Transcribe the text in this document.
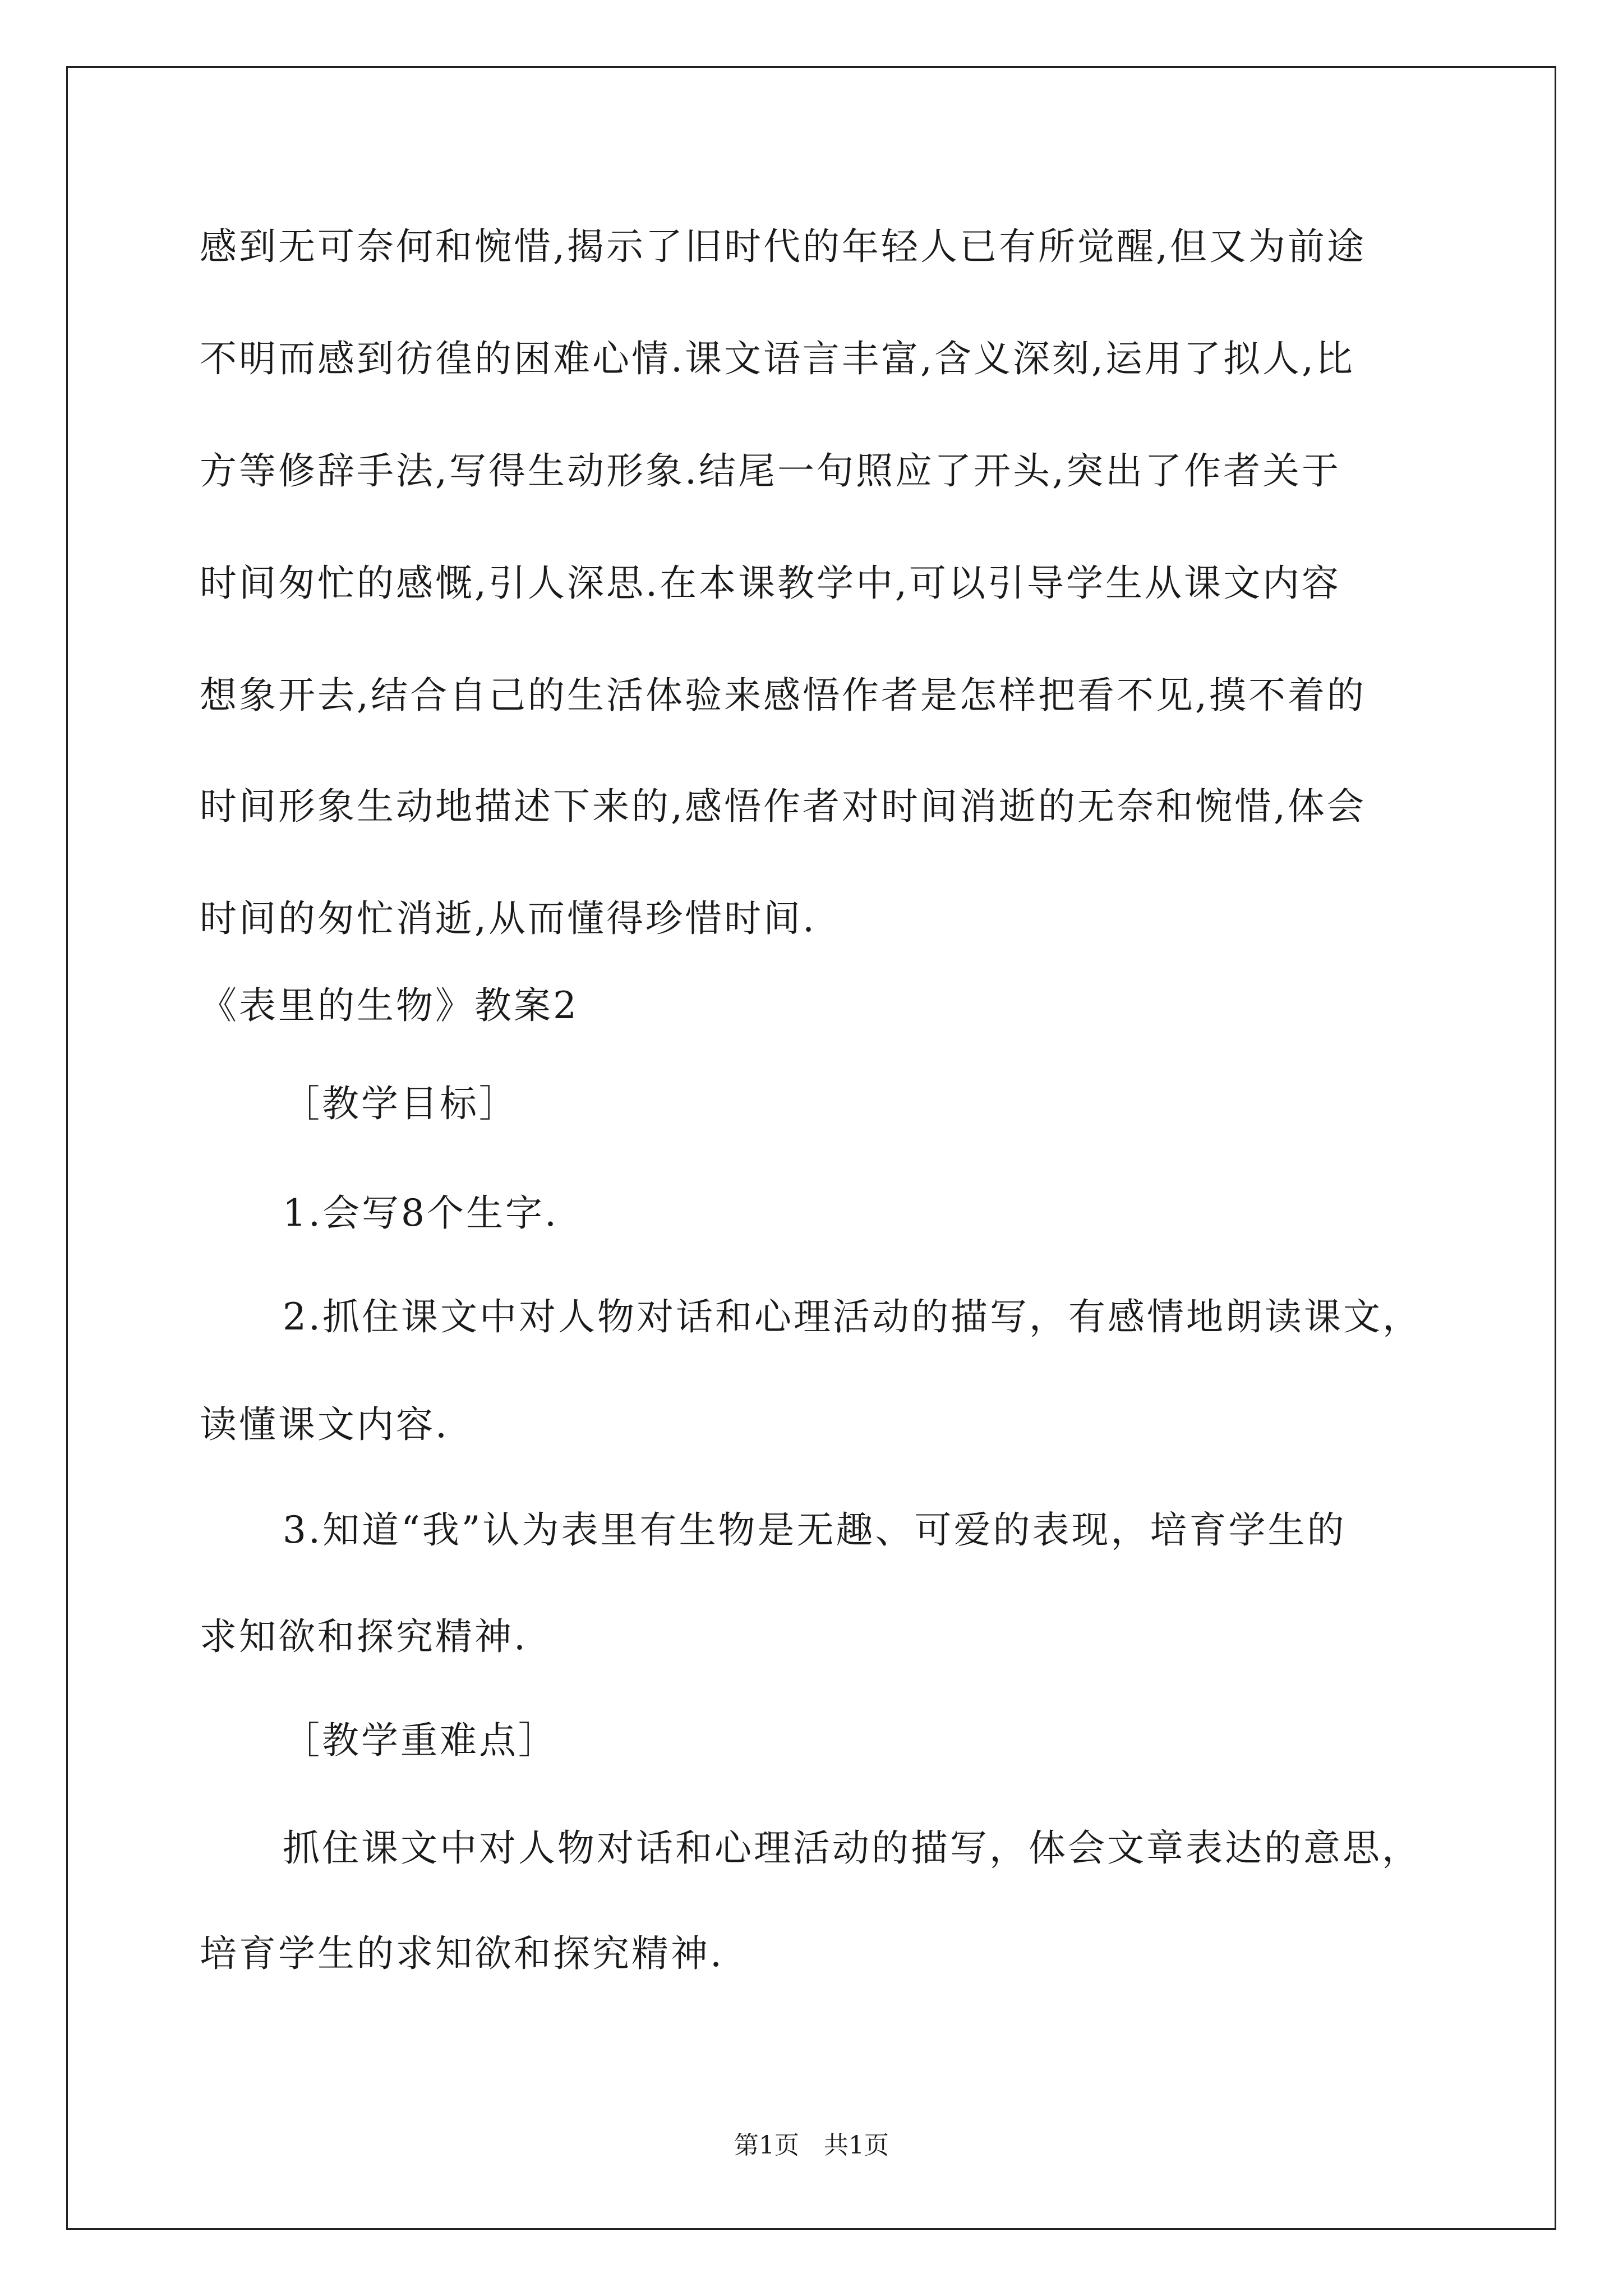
感到无可奈何和惋惜,揭示了旧时代的年轻人已有所觉醒,但又为前途
不明而感到彷徨的困难心情.课文语言丰富,含义深刻,运用了拟人,比
方等修辞手法,写得生动形象.结尾一句照应了开头,突出了作者关于
时间匆忙的感慨,引人深思.在本课教学中,可以引导学生从课文内容
想象开去,结合自己的生活体验来感悟作者是怎样把看不见,摸不着的
时间形象生动地描述下来的,感悟作者对时间消逝的无奈和惋惜,体会
时间的匆忙消逝,从而懂得珍惜时间.
《表里的生物》教案2
［教学目标］
1.会写8个生字.
2.抓住课文中对人物对话和心理活动的描写，有感情地朗读课文，
读懂课文内容.
3.知道“我”认为表里有生物是无趣、可爱的表现，培育学生的
求知欲和探究精神.
［教学重难点］
抓住课文中对人物对话和心理活动的描写，体会文章表达的意思，
培育学生的求知欲和探究精神.
第1页　共1页
